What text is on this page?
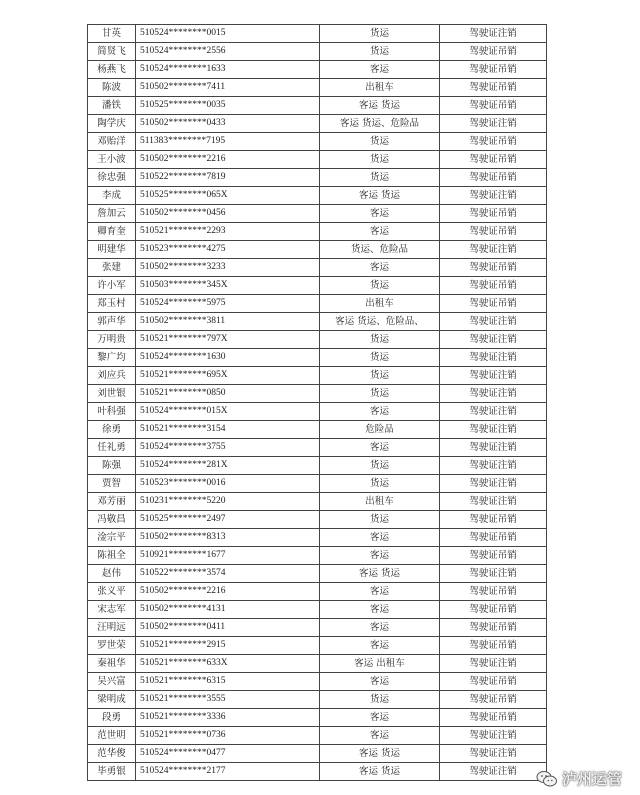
甘英	510524********0015	货运	驾驶证注销
简贤飞	510524********2556	货运	驾驶证吊销
杨燕飞	510524********1633	客运	驾驶证吊销
陈波	510502********7411	出租车	驾驶证吊销
潘铁	510525********0035	客运 货运	驾驶证吊销
陶学庆	510502********0433	客运 货运、危险品	驾驶证注销
邓贻洋	511383********7195	货运	驾驶证吊销
王小波	510502********2216	货运	驾驶证吊销
徐忠强	510522********7819	货运	驾驶证吊销
李成	510525********065X	客运 货运	驾驶证注销
詹加云	510502********0456	客运	驾驶证吊销
卿育奎	510521********2293	客运	驾驶证吊销
明建华	510523********4275	货运、危险品	驾驶证注销
张建	510502********3233	客运	驾驶证吊销
许小军	510503********345X	货运	驾驶证吊销
郑玉村	510524********5975	出租车	驾驶证吊销
郭声华	510502********3811	客运 货运、危险品、	驾驶证注销
万明贵	510521********797X	货运	驾驶证注销
黎广均	510524********1630	货运	驾驶证注销
刘应兵	510521********695X	货运	驾驶证注销
刘世银	510521********0850	货运	驾驶证注销
叶科强	510524********015X	客运	驾驶证注销
徐勇	510521********3154	危险品	驾驶证注销
任礼勇	510524********3755	客运	驾驶证注销
陈强	510524********281X	货运	驾驶证注销
贾智	510523********0016	货运	驾驶证注销
邓芳丽	510231********5220	出租车	驾驶证注销
冯敬昌	510525********2497	货运	驾驶证吊销
淦宗平	510502********8313	客运	驾驶证吊销
陈祖全	510921********1677	客运	驾驶证吊销
赵伟	510522********3574	客运 货运	驾驶证注销
张义平	510502********2216	客运	驾驶证吊销
宋志军	510502********4131	客运	驾驶证吊销
汪明远	510502********0411	客运	驾驶证吊销
罗世荣	510521********2915	客运	驾驶证吊销
秦祖华	510521********633X	客运 出租车	驾驶证注销
吴兴富	510521********6315	客运	驾驶证吊销
梁明成	510521********3555	货运	驾驶证吊销
段勇	510521********3336	客运	驾驶证吊销
范世明	510521********0736	客运	驾驶证注销
范华俊	510524********0477	客运 货运	驾驶证注销
毕勇银	510524********2177	客运 货运	驾驶证注销	泸州运管
